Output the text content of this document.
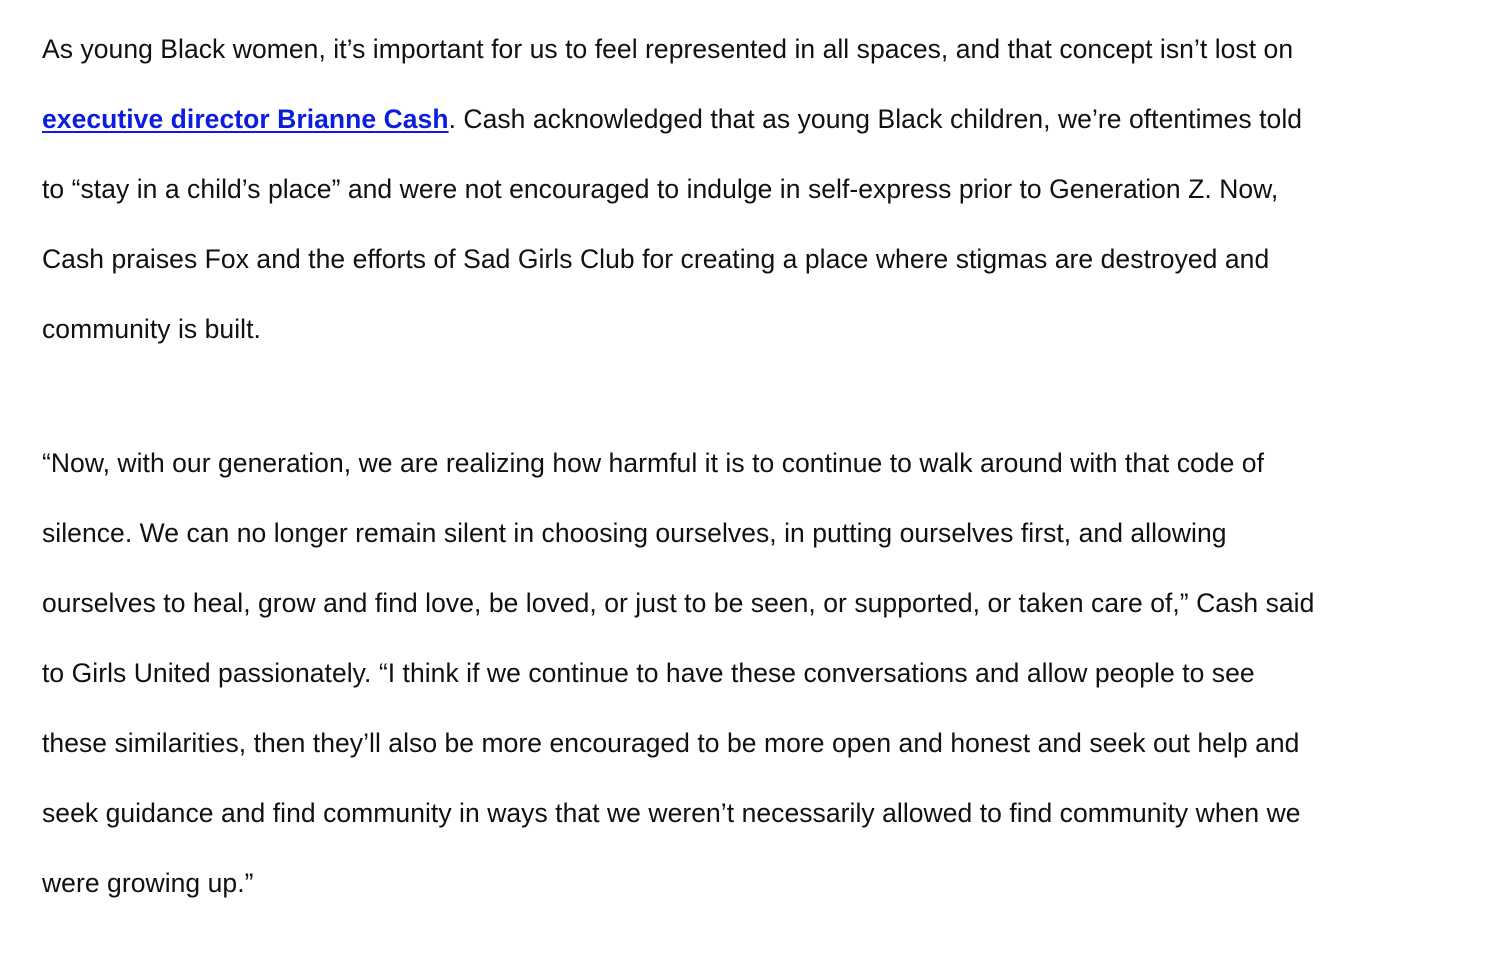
As young Black women, it’s important for us to feel represented in all spaces, and that concept isn’t lost on
executive director Brianne Cash. Cash acknowledged that as young Black children, we’re oftentimes told
to “stay in a child’s place” and were not encouraged to indulge in self-express prior to Generation Z. Now,
Cash praises Fox and the efforts of Sad Girls Club for creating a place where stigmas are destroyed and
community is built.
“Now, with our generation, we are realizing how harmful it is to continue to walk around with that code of
silence. We can no longer remain silent in choosing ourselves, in putting ourselves first, and allowing
ourselves to heal, grow and find love, be loved, or just to be seen, or supported, or taken care of,” Cash said
to Girls United passionately. “I think if we continue to have these conversations and allow people to see
these similarities, then they’ll also be more encouraged to be more open and honest and seek out help and
seek guidance and find community in ways that we weren’t necessarily allowed to find community when we
were growing up.”
